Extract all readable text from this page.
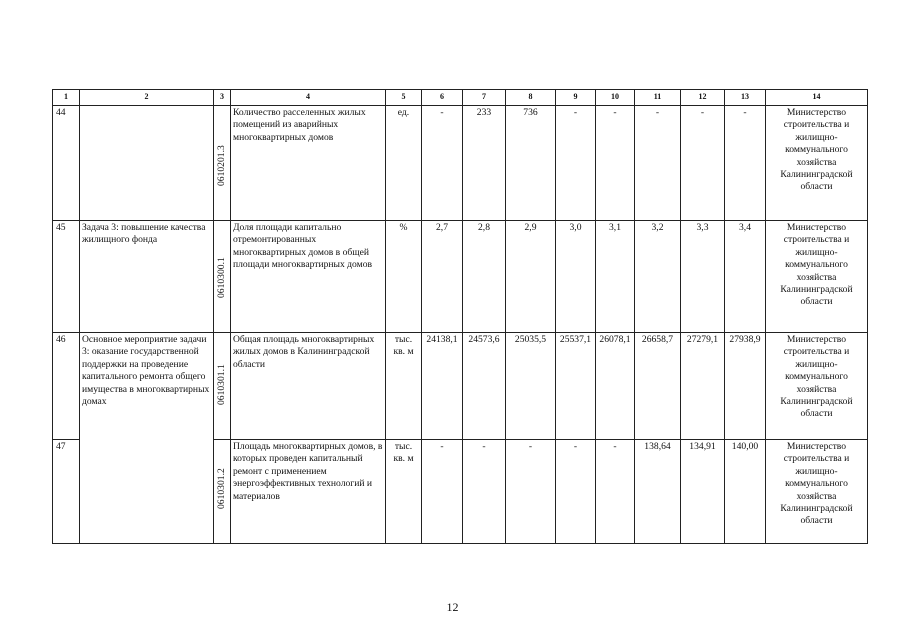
1	2	3	4	5	6	7	8	9	10	11	12	13	14
44		0610201.3	Количество расселенных жилых помещений из аварийных многоквартирных домов	ед.	-	233	736	-	-	-	-	-	Министерство строительства и жилищно-коммунального хозяйства Калининградской области
45	Задача 3: повышение качества жилищного фонда	0610300.1	Доля площади капитально отремонтированных многоквартирных домов в общей площади многоквартирных домов	%	2,7	2,8	2,9	3,0	3,1	3,2	3,3	3,4	Министерство строительства и жилищно-коммунального хозяйства Калининградской области
46	Основное мероприятие задачи 3: оказание государственной поддержки на проведение капитального ремонта общего имущества в многоквартирных домах	0610301.1	Общая площадь многоквартирных жилых домов в Калининградской области	тыс. кв. м	24138,1	24573,6	25035,5	25537,1	26078,1	26658,7	27279,1	27938,9	Министерство строительства и жилищно-коммунального хозяйства Калининградской области
47		0610301.2	Площадь многоквартирных домов, в которых проведен капитальный ремонт с применением энергоэффективных технологий и материалов	тыс. кв. м	-	-	-	-	-	138,64	134,91	140,00	Министерство строительства и жилищно-коммунального хозяйства Калининградской области
12
